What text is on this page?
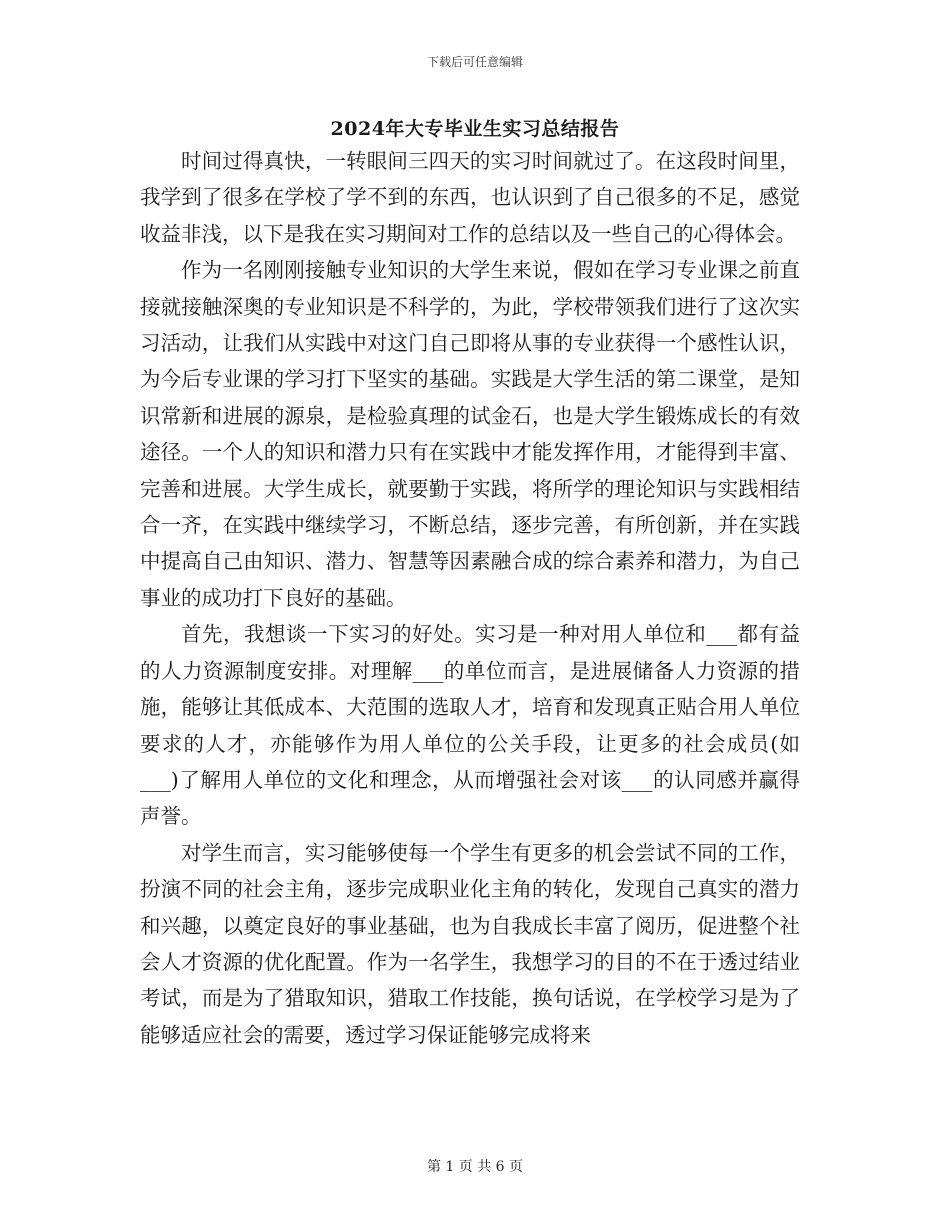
下载后可任意编辑
2024年大专毕业生实习总结报告

时间过得真快，一转眼间三四天的实习时间就过了。在这段时间里，我学到了很多在学校了学不到的东西，也认识到了自己很多的不足，感觉收益非浅，以下是我在实习期间对工作的总结以及一些自己的心得体会。

作为一名刚刚接触专业知识的大学生来说，假如在学习专业课之前直接就接触深奥的专业知识是不科学的，为此，学校带领我们进行了这次实习活动，让我们从实践中对这门自己即将从事的专业获得一个感性认识，为今后专业课的学习打下坚实的基础。实践是大学生活的第二课堂，是知识常新和进展的源泉，是检验真理的试金石，也是大学生锻炼成长的有效途径。一个人的知识和潜力只有在实践中才能发挥作用，才能得到丰富、完善和进展。大学生成长，就要勤于实践，将所学的理论知识与实践相结合一齐，在实践中继续学习，不断总结，逐步完善，有所创新，并在实践中提高自己由知识、潜力、智慧等因素融合成的综合素养和潜力，为自己事业的成功打下良好的基础。

首先，我想谈一下实习的好处。实习是一种对用人单位和___都有益的人力资源制度安排。对理解___的单位而言，是进展储备人力资源的措施，能够让其低成本、大范围的选取人才，培育和发现真正贴合用人单位要求的人才，亦能够作为用人单位的公关手段，让更多的社会成员(如___)了解用人单位的文化和理念，从而增强社会对该___的认同感并赢得声誉。

对学生而言，实习能够使每一个学生有更多的机会尝试不同的工作，扮演不同的社会主角，逐步完成职业化主角的转化，发现自己真实的潜力和兴趣，以奠定良好的事业基础，也为自我成长丰富了阅历，促进整个社会人才资源的优化配置。作为一名学生，我想学习的目的不在于透过结业考试，而是为了猎取知识，猎取工作技能，换句话说，在学校学习是为了能够适应社会的需要，透过学习保证能够完成将来

第 1 页 共 6 页
